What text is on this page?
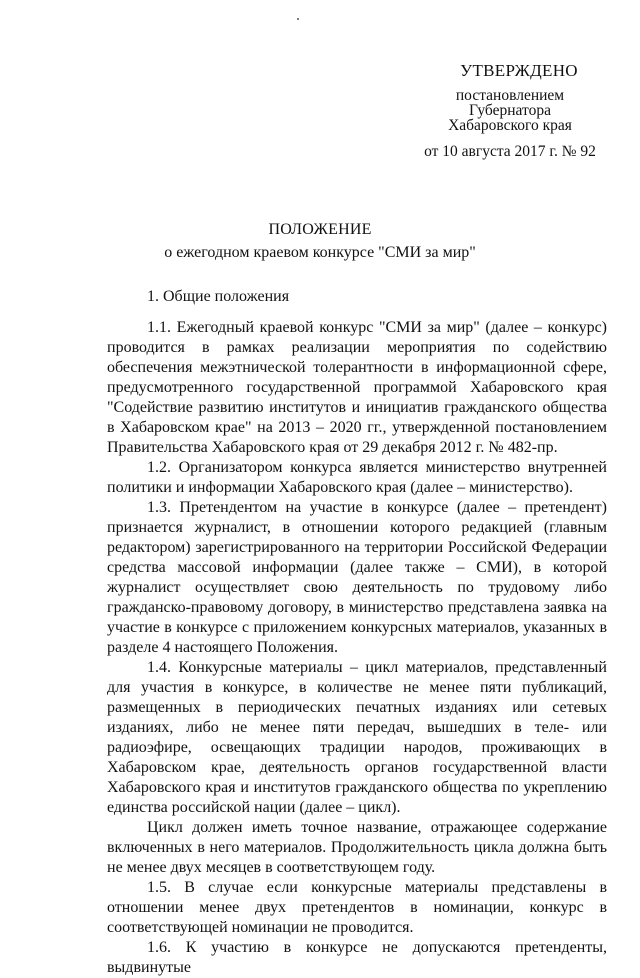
УТВЕРЖДЕНО
постановлением
Губернатора
Хабаровского края
от 10 августа 2017 г. № 92
ПОЛОЖЕНИЕ
о ежегодном краевом конкурсе "СМИ за мир"

1. Общие положения

1.1. Ежегодный краевой конкурс "СМИ за мир" (далее – конкурс) проводится в рамках реализации мероприятия по содействию обеспечения межэтнической толерантности в информационной сфере, предусмотренного государственной программой Хабаровского края "Содействие развитию институтов и инициатив гражданского общества в Хабаровском крае" на 2013 – 2020 гг., утвержденной постановлением Правительства Хабаровского края от 29 декабря 2012 г. № 482-пр.

1.2. Организатором конкурса является министерство внутренней политики и информации Хабаровского края (далее – министерство).

1.3. Претендентом на участие в конкурсе (далее – претендент) признается журналист, в отношении которого редакцией (главным редактором) зарегистрированного на территории Российской Федерации средства массовой информации (далее также – СМИ), в которой журналист осуществляет свою деятельность по трудовому либо гражданско-правовому договору, в министерство представлена заявка на участие в конкурсе с приложением конкурсных материалов, указанных в разделе 4 настоящего Положения.

1.4. Конкурсные материалы – цикл материалов, представленный для участия в конкурсе, в количестве не менее пяти публикаций, размещенных в периодических печатных изданиях или сетевых изданиях, либо не менее пяти передач, вышедших в теле- или радиоэфире, освещающих традиции народов, проживающих в Хабаровском крае, деятельность органов государственной власти Хабаровского края и институтов гражданского общества по укреплению единства российской нации (далее – цикл).

Цикл должен иметь точное название, отражающее содержание включенных в него материалов. Продолжительность цикла должна быть не менее двух месяцев в соответствующем году.

1.5. В случае если конкурсные материалы представлены в отношении менее двух претендентов в номинации, конкурс в соответствующей номинации не проводится.

1.6. К участию в конкурсе не допускаются претенденты, выдвинутые
